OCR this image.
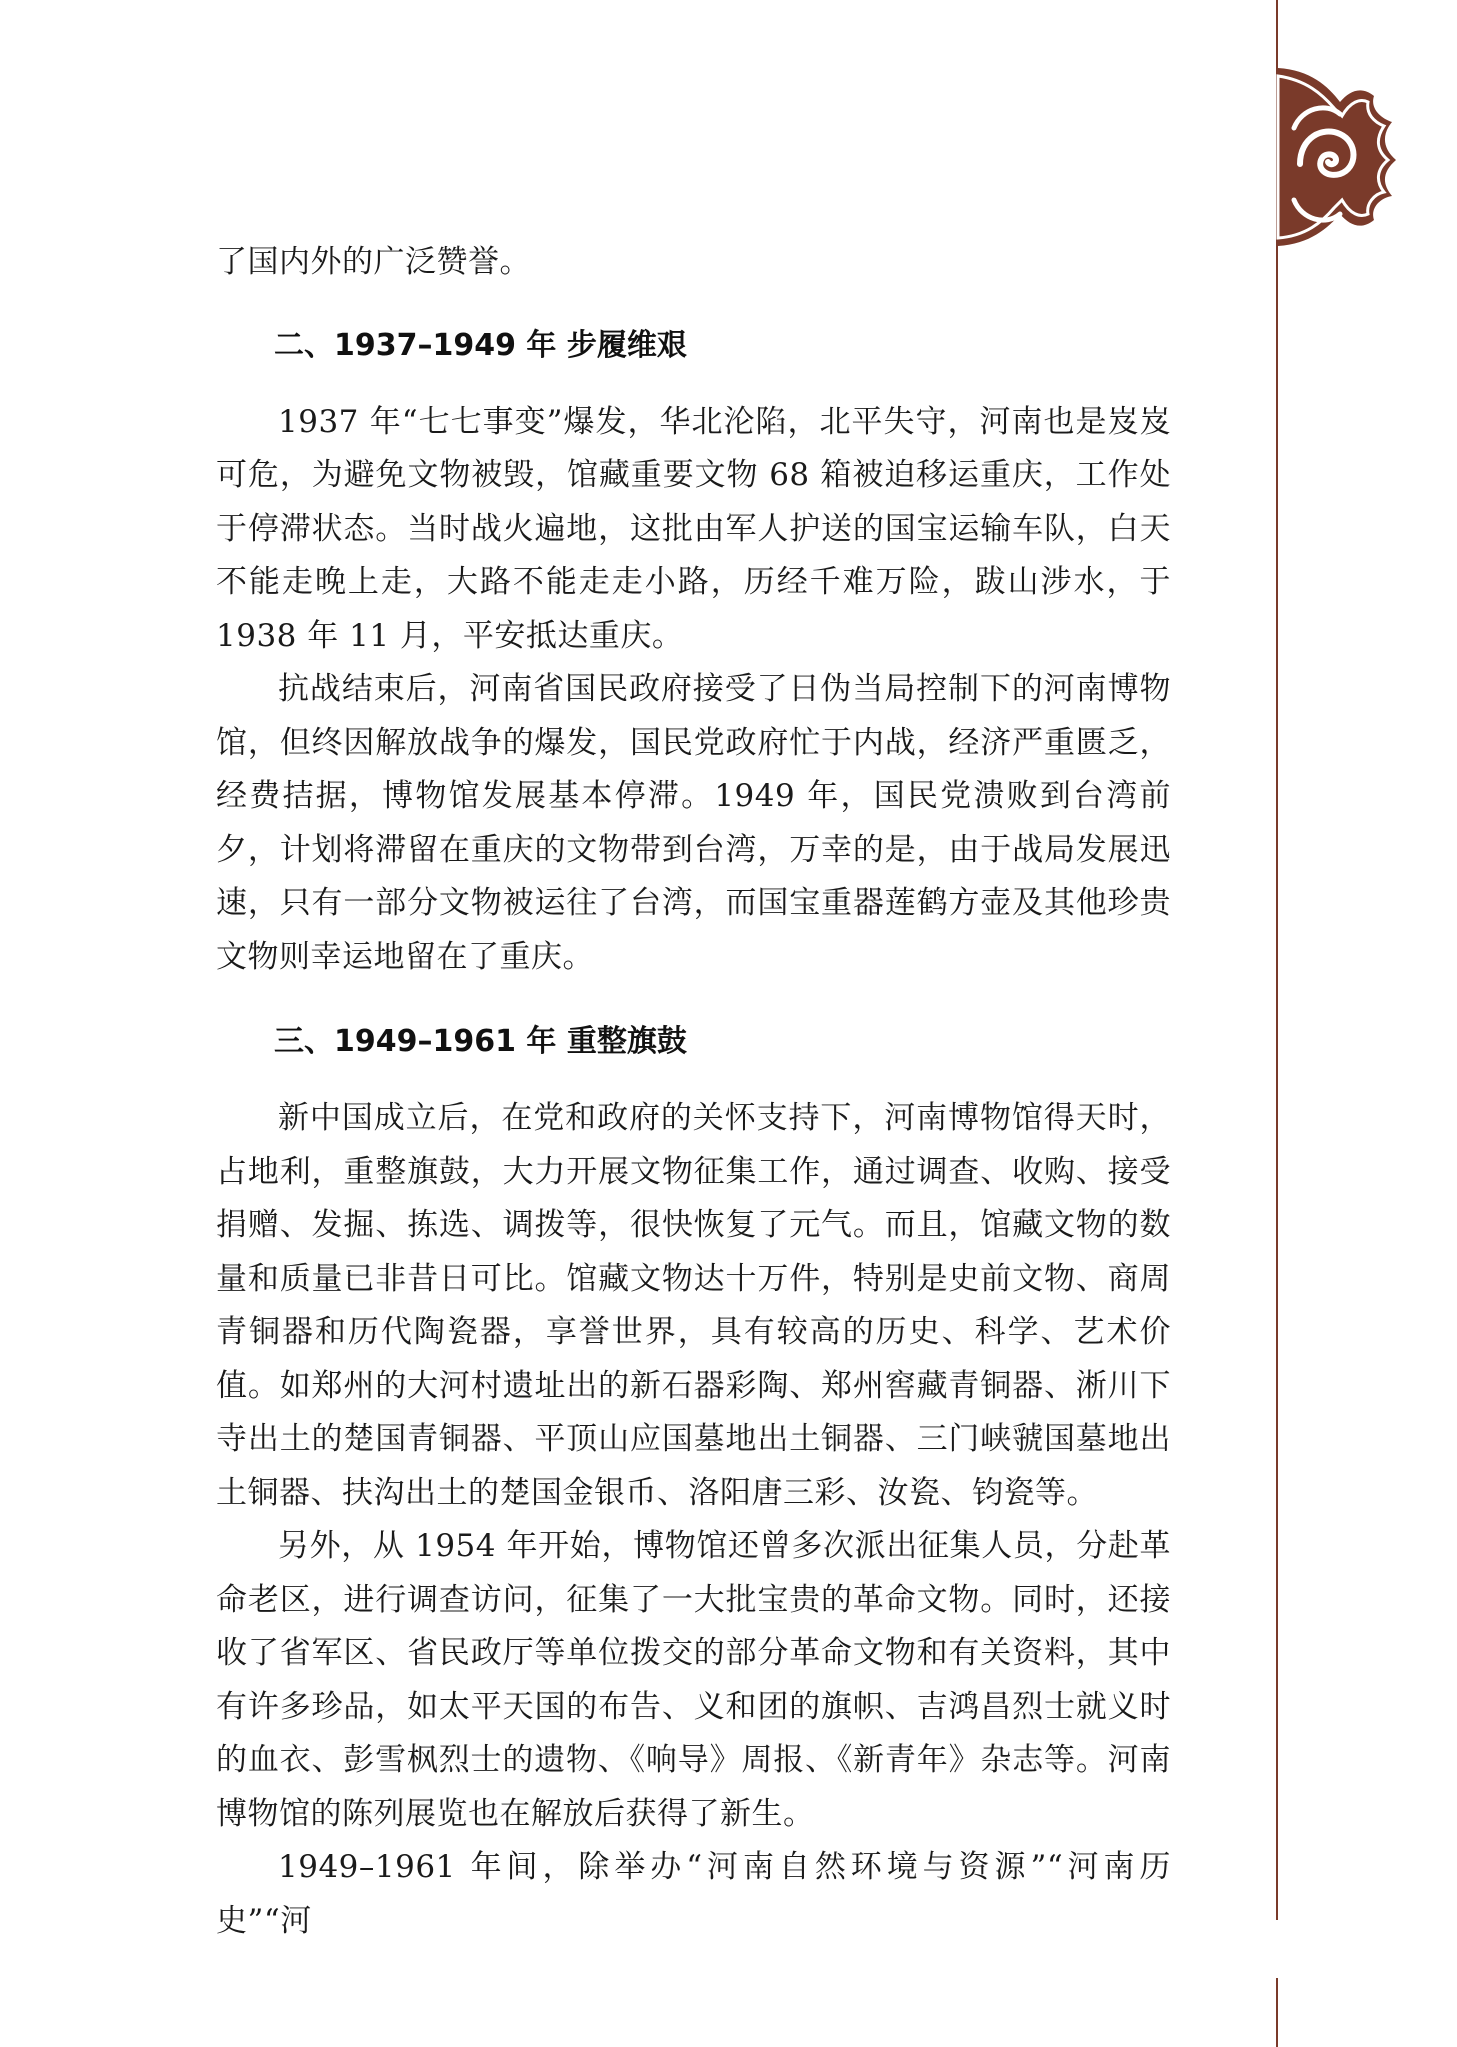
了国内外的广泛赞誉。

二、1937–1949 年 步履维艰

1937 年“七七事变”爆发，华北沦陷，北平失守，河南也是岌岌可危，为避免文物被毁，馆藏重要文物 68 箱被迫移运重庆，工作处于停滞状态。当时战火遍地，这批由军人护送的国宝运输车队，白天不能走晚上走，大路不能走走小路，历经千难万险，跋山涉水，于 1938 年 11 月，平安抵达重庆。

抗战结束后，河南省国民政府接受了日伪当局控制下的河南博物馆，但终因解放战争的爆发，国民党政府忙于内战，经济严重匮乏，经费拮据，博物馆发展基本停滞。1949 年，国民党溃败到台湾前夕，计划将滞留在重庆的文物带到台湾，万幸的是，由于战局发展迅速，只有一部分文物被运往了台湾，而国宝重器莲鹤方壶及其他珍贵文物则幸运地留在了重庆。

三、1949–1961 年 重整旗鼓

新中国成立后，在党和政府的关怀支持下，河南博物馆得天时，占地利，重整旗鼓，大力开展文物征集工作，通过调查、收购、接受捐赠、发掘、拣选、调拨等，很快恢复了元气。而且，馆藏文物的数量和质量已非昔日可比。馆藏文物达十万件，特别是史前文物、商周青铜器和历代陶瓷器，享誉世界，具有较高的历史、科学、艺术价值。如郑州的大河村遗址出的新石器彩陶、郑州窖藏青铜器、淅川下寺出土的楚国青铜器、平顶山应国墓地出土铜器、三门峡虢国墓地出土铜器、扶沟出土的楚国金银币、洛阳唐三彩、汝瓷、钧瓷等。

另外，从 1954 年开始，博物馆还曾多次派出征集人员，分赴革命老区，进行调查访问，征集了一大批宝贵的革命文物。同时，还接收了省军区、省民政厅等单位拨交的部分革命文物和有关资料，其中有许多珍品，如太平天国的布告、义和团的旗帜、吉鸿昌烈士就义时的血衣、彭雪枫烈士的遗物、《响导》周报、《新青年》杂志等。河南博物馆的陈列展览也在解放后获得了新生。

1949–1961 年间，除举办“河南自然环境与资源”“河南历史”“河
